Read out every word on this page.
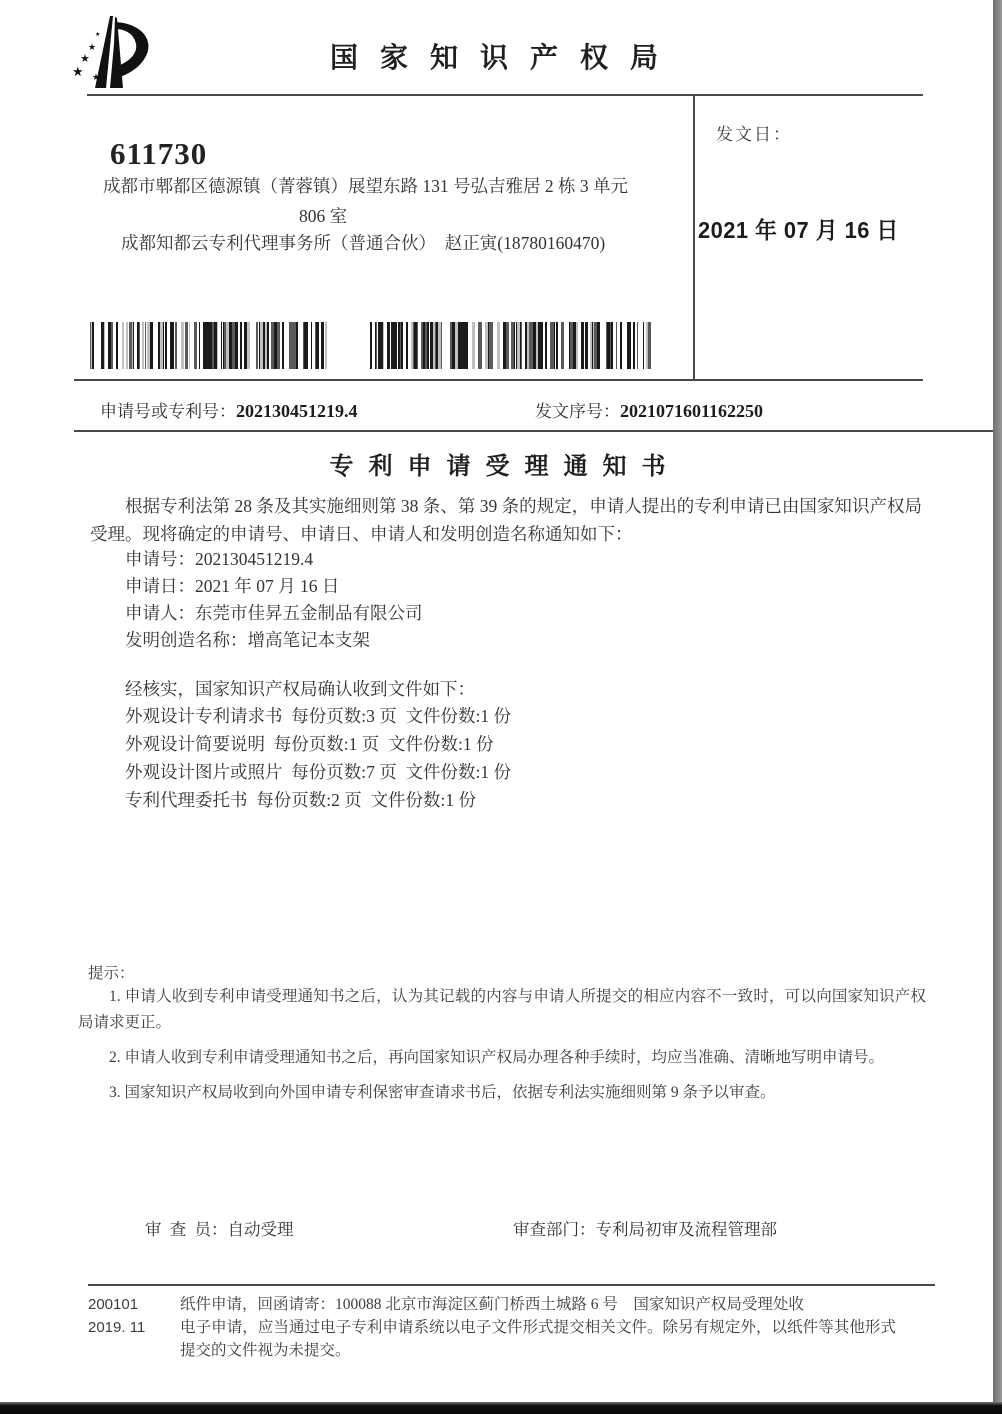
★
★
★
★
★
国家知识产权局
611730
成都市郫都区德源镇（菁蓉镇）展望东路 131 号弘吉雅居 2 栋 3 单元
806 室
成都知都云专利代理事务所（普通合伙）  赵正寅(18780160470)
发文日：
2021 年 07 月 16 日
申请号或专利号：202130451219.4	发文序号：2021071601162250
专利申请受理通知书
根据专利法第 28 条及其实施细则第 38 条、第 39 条的规定，申请人提出的专利申请已由国家知识产权局受理。现将确定的申请号、申请日、申请人和发明创造名称通知如下：
申请号：202130451219.4
申请日：2021 年 07 月 16 日
申请人：东莞市佳昇五金制品有限公司
发明创造名称：增高笔记本支架
经核实，国家知识产权局确认收到文件如下：
外观设计专利请求书  每份页数:3 页  文件份数:1 份
外观设计简要说明  每份页数:1 页  文件份数:1 份
外观设计图片或照片  每份页数:7 页  文件份数:1 份
专利代理委托书  每份页数:2 页  文件份数:1 份
提示：

1. 申请人收到专利申请受理通知书之后，认为其记载的内容与申请人所提交的相应内容不一致时，可以向国家知识产权局请求更正。

2. 申请人收到专利申请受理通知书之后，再向国家知识产权局办理各种手续时，均应当准确、清晰地写明申请号。

3. 国家知识产权局收到向外国申请专利保密审查请求书后，依据专利法实施细则第 9 条予以审查。

审  查  员：自动受理	审查部门：专利局初审及流程管理部
200101
2019. 11

纸件申请，回函请寄：100088 北京市海淀区蓟门桥西土城路 6 号　国家知识产权局受理处收

电子申请，应当通过电子专利申请系统以电子文件形式提交相关文件。除另有规定外，以纸件等其他形式提交的文件视为未提交。
